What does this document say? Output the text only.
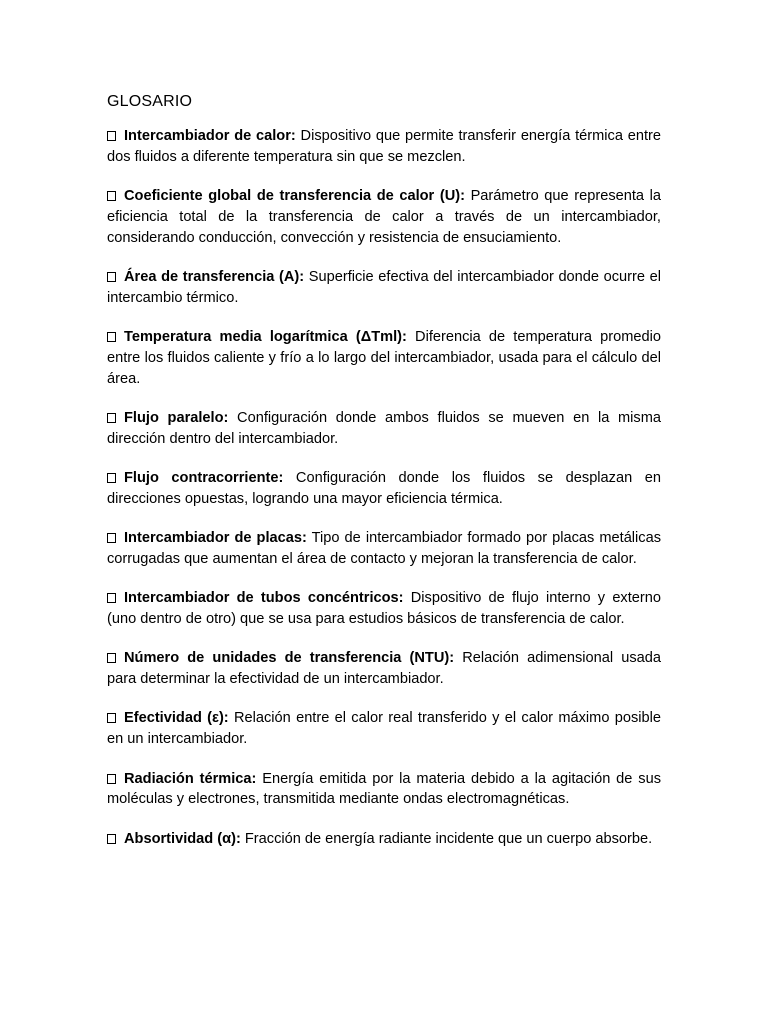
GLOSARIO

Intercambiador de calor: Dispositivo que permite transferir energía térmica entre dos fluidos a diferente temperatura sin que se mezclen.

Coeficiente global de transferencia de calor (U): Parámetro que representa la eficiencia total de la transferencia de calor a través de un intercambiador, considerando conducción, convección y resistencia de ensuciamiento.

Área de transferencia (A): Superficie efectiva del intercambiador donde ocurre el intercambio térmico.

Temperatura media logarítmica (ΔTml): Diferencia de temperatura promedio entre los fluidos caliente y frío a lo largo del intercambiador, usada para el cálculo del área.

Flujo paralelo: Configuración donde ambos fluidos se mueven en la misma dirección dentro del intercambiador.

Flujo contracorriente: Configuración donde los fluidos se desplazan en direcciones opuestas, logrando una mayor eficiencia térmica.

Intercambiador de placas: Tipo de intercambiador formado por placas metálicas corrugadas que aumentan el área de contacto y mejoran la transferencia de calor.

Intercambiador de tubos concéntricos: Dispositivo de flujo interno y externo (uno dentro de otro) que se usa para estudios básicos de transferencia de calor.

Número de unidades de transferencia (NTU): Relación adimensional usada para determinar la efectividad de un intercambiador.

Efectividad (ε): Relación entre el calor real transferido y el calor máximo posible en un intercambiador.

Radiación térmica: Energía emitida por la materia debido a la agitación de sus moléculas y electrones, transmitida mediante ondas electromagnéticas.

Absortividad (α): Fracción de energía radiante incidente que un cuerpo absorbe.
